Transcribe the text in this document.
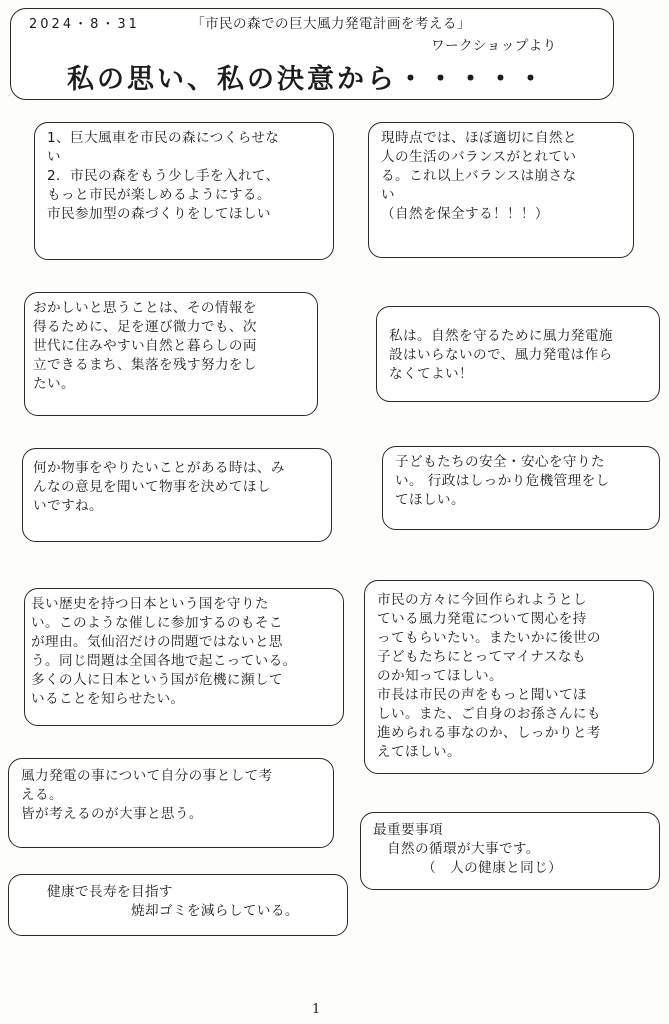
2024・8・31	「市民の森での巨大風力発電計画を考える」
ワークショップより
私の思い、私の決意から・・・・・
1、巨大風車を市民の森につくらせな
い
2．市民の森をもう少し手を入れて、
もっと市民が楽しめるようにする。
市民参加型の森づくりをしてほしい
現時点では、ほぼ適切に自然と
人の生活のバランスがとれてい
る。これ以上バランスは崩さな
い
（自然を保全する！！！）
おかしいと思うことは、その情報を
得るために、足を運び微力でも、次
世代に住みやすい自然と暮らしの両
立できるまち、集落を残す努力をし
たい。
私は。自然を守るために風力発電施
設はいらないので、風力発電は作ら
なくてよい！
何か物事をやりたいことがある時は、み
んなの意見を聞いて物事を決めてほし
いですね。
子どもたちの安全・安心を守りた
い。 行政はしっかり危機管理をし
てほしい。
長い歴史を持つ日本という国を守りた
い。このような催しに参加するのもそこ
が理由。気仙沼だけの問題ではないと思
う。同じ問題は全国各地で起こっている。
多くの人に日本という国が危機に瀕して
いることを知らせたい。
市民の方々に今回作られようとし
ている風力発電について関心を持
ってもらいたい。またいかに後世の
子どもたちにとってマイナスなも
のか知ってほしい。
市長は市民の声をもっと聞いてほ
しい。また、ご自身のお孫さんにも
進められる事なのか、しっかりと考
えてほしい。
風力発電の事について自分の事として考
える。
皆が考えるのが大事と思う。
最重要事項
　自然の循環が大事です。
　　　　（　人の健康と同じ）
　　健康で長寿を目指す
　　　　　　　　焼却ゴミを減らしている。
1
